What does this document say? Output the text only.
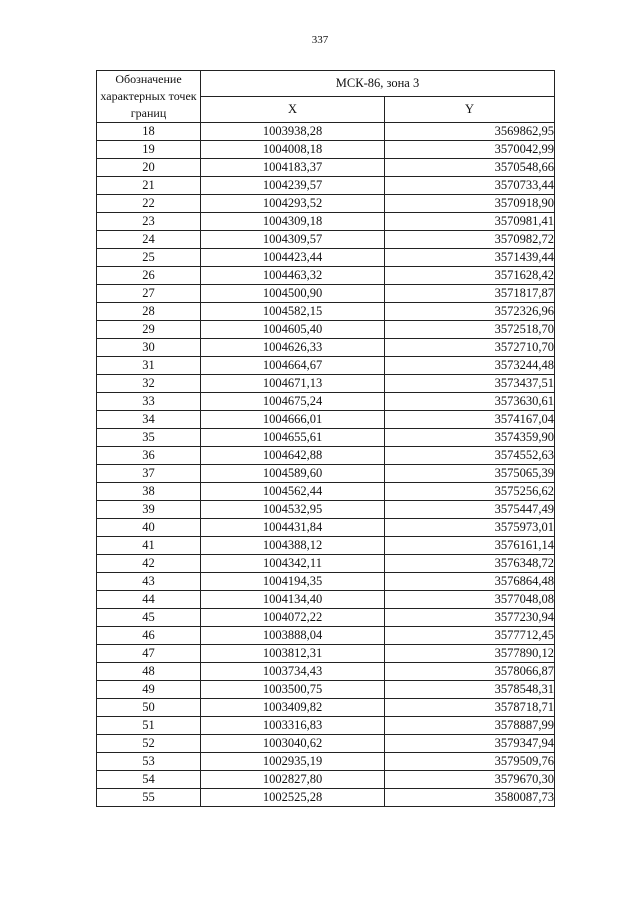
337
Обозначение характерных точек границ	МСК-86, зона 3	
	X	Y
18	1003938,28	3569862,95
19	1004008,18	3570042,99
20	1004183,37	3570548,66
21	1004239,57	3570733,44
22	1004293,52	3570918,90
23	1004309,18	3570981,41
24	1004309,57	3570982,72
25	1004423,44	3571439,44
26	1004463,32	3571628,42
27	1004500,90	3571817,87
28	1004582,15	3572326,96
29	1004605,40	3572518,70
30	1004626,33	3572710,70
31	1004664,67	3573244,48
32	1004671,13	3573437,51
33	1004675,24	3573630,61
34	1004666,01	3574167,04
35	1004655,61	3574359,90
36	1004642,88	3574552,63
37	1004589,60	3575065,39
38	1004562,44	3575256,62
39	1004532,95	3575447,49
40	1004431,84	3575973,01
41	1004388,12	3576161,14
42	1004342,11	3576348,72
43	1004194,35	3576864,48
44	1004134,40	3577048,08
45	1004072,22	3577230,94
46	1003888,04	3577712,45
47	1003812,31	3577890,12
48	1003734,43	3578066,87
49	1003500,75	3578548,31
50	1003409,82	3578718,71
51	1003316,83	3578887,99
52	1003040,62	3579347,94
53	1002935,19	3579509,76
54	1002827,80	3579670,30
55	1002525,28	3580087,73
